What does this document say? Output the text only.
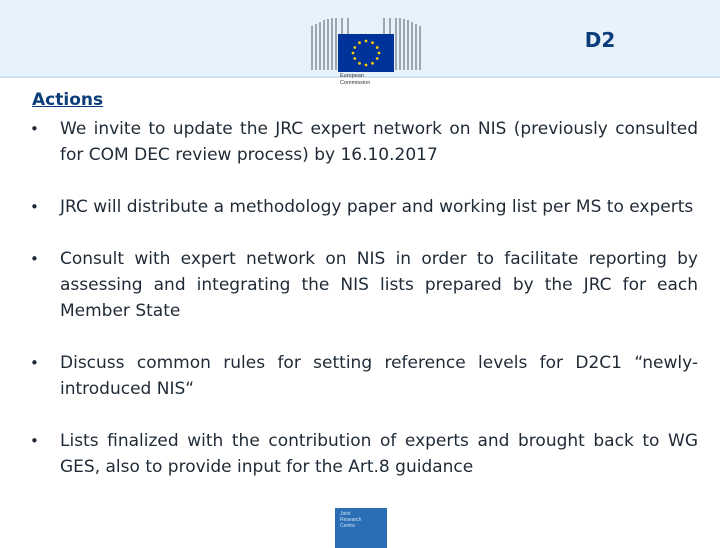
European
Commission
D2
Actions
•	We invite to update the JRC expert network on NIS (previously consulted for COM DEC review process) by 16.10.2017
•	JRC will distribute a methodology paper and working list per MS to experts
•	Consult with expert network on NIS in order to facilitate reporting by assessing and integrating the NIS lists prepared by the JRC for each Member State
•	Discuss common rules for setting reference levels for D2C1 “newly-introduced NIS“
•	Lists finalized with the contribution of experts and brought back to WG GES, also to provide input for the Art.8 guidance
Joint
Research
Centre
